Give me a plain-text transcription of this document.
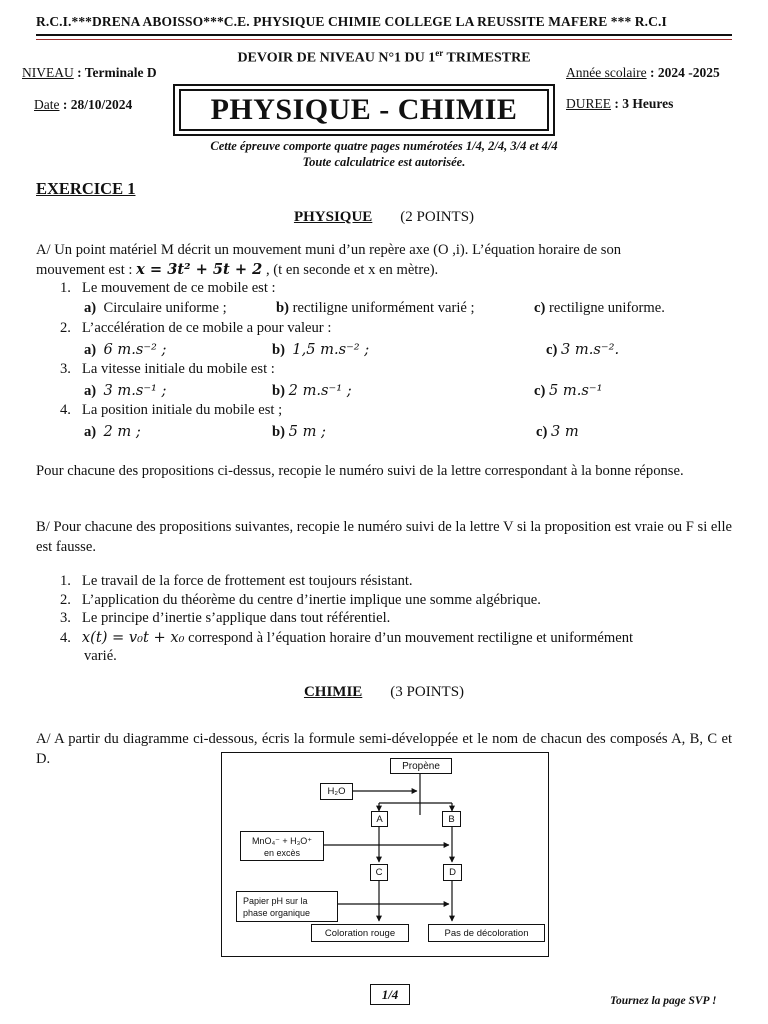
R.C.I.***DRENA ABOISSO***C.E. PHYSIQUE CHIMIE COLLEGE LA REUSSITE MAFERE *** R.C.I
DEVOIR DE NIVEAU N°1 DU 1er TRIMESTRE
NIVEAU : Terminale D	Année scolaire : 2024 -2025
Date : 28/10/2024	DUREE : 3 Heures
PHYSIQUE - CHIMIE
Cette épreuve comporte quatre pages numérotées 1/4, 2/4, 3/4 et 4/4
Toute calculatrice est autorisée.
EXERCICE 1
PHYSIQUE (2 POINTS)
A/ Un point matériel M décrit un mouvement muni d’un repère axe (O ,i). L’équation horaire de son
mouvement est : x = 3t² + 5t + 2 , (t en seconde et x en mètre).
1. Le mouvement de ce mobile est :
a) Circulaire uniforme ;	b) rectiligne uniformément varié ;	c) rectiligne uniforme.
2. L’accélération de ce mobile a pour valeur :
a) 6 m.s⁻² ;	b) 1,5 m.s⁻² ;	c) 3 m.s⁻².
3. La vitesse initiale du mobile est :
a) 3 m.s⁻¹ ;	b) 2 m.s⁻¹ ;	c) 5 m.s⁻¹
4. La position initiale du mobile est ;
a) 2 m ;	b) 5 m ;	c) 3 m
Pour chacune des propositions ci-dessus, recopie le numéro suivi de la lettre correspondant à la bonne réponse.
B/ Pour chacune des propositions suivantes, recopie le numéro suivi de la lettre V si la proposition est vraie ou F si elle est fausse.
1. Le travail de la force de frottement est toujours résistant.
2. L’application du théorème du centre d’inertie implique une somme algébrique.
3. Le principe d’inertie s’applique dans tout référentiel.
4. x(t) = v₀t + x₀ correspond à l’équation horaire d’un mouvement rectiligne et uniformément
varié.
CHIMIE (3 POINTS)
A/ A partir du diagramme ci-dessous, écris la formule semi-développée et le nom de chacun des composés A, B, C et D.	Propène
H₂O
A	B
MnO₄⁻ + H₃O⁺
en excès
C	D
Papier pH sur la
phase organique
Coloration rouge	Pas de décoloration
1/4	Tournez la page SVP !
